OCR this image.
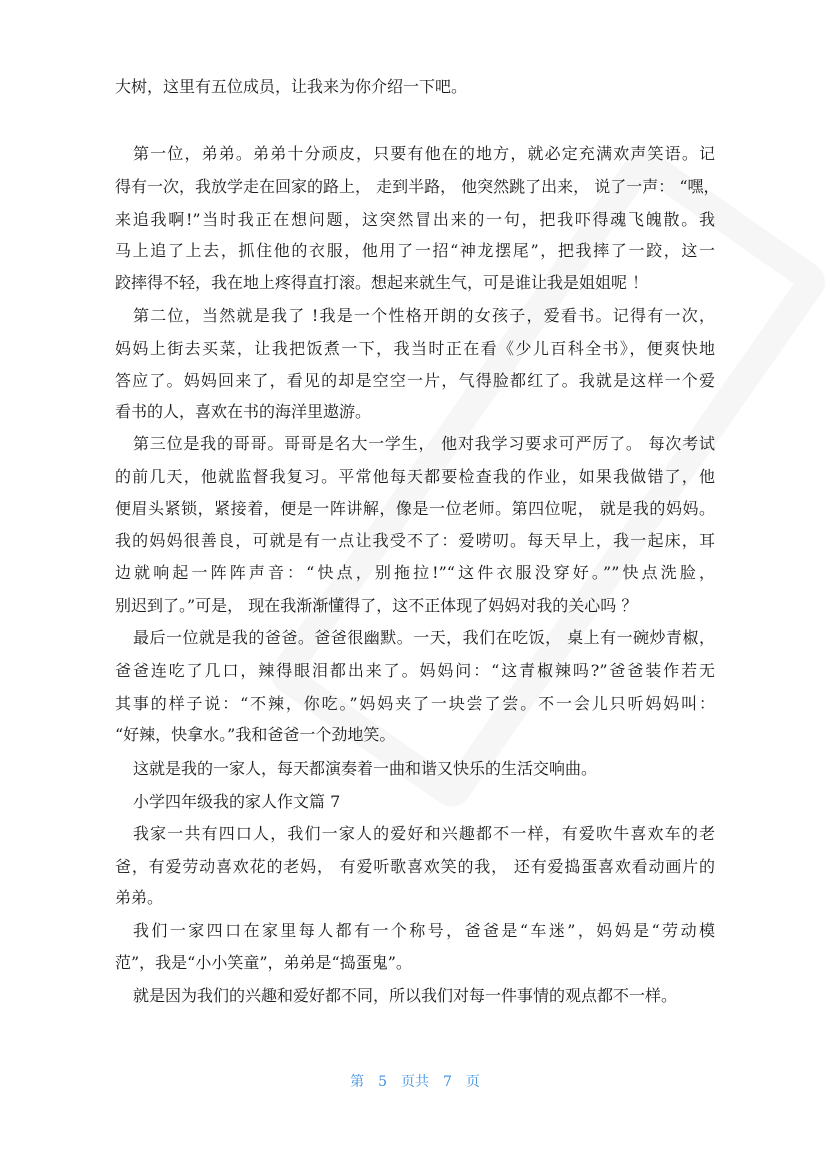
大树，这里有五位成员，让我来为你介绍一下吧。
第一位，弟弟。弟弟十分顽皮，只要有他在的地方，就必定充满欢声笑语。记
得有一次，我放学走在回家的路上， 走到半路， 他突然跳了出来， 说了一声： “嘿，
来追我啊!”当时我正在想问题，这突然冒出来的一句，把我吓得魂飞魄散。我
马上追了上去，抓住他的衣服，他用了一招“神龙摆尾”，把我摔了一跤，这一
跤摔得不轻，我在地上疼得直打滚。想起来就生气，可是谁让我是姐姐呢 ！
第二位，当然就是我了 !我是一个性格开朗的女孩子，爱看书。记得有一次，
妈妈上街去买菜，让我把饭煮一下，我当时正在看《少儿百科全书》，便爽快地
答应了。妈妈回来了，看见的却是空空一片，气得脸都红了。我就是这样一个爱
看书的人，喜欢在书的海洋里遨游。
第三位是我的哥哥。哥哥是名大一学生， 他对我学习要求可严厉了。 每次考试
的前几天，他就监督我复习。平常他每天都要检查我的作业，如果我做错了，他
便眉头紧锁，紧接着，便是一阵讲解，像是一位老师。第四位呢， 就是我的妈妈。
我的妈妈很善良，可就是有一点让我受不了：爱唠叨。每天早上，我一起床，耳
边就响起一阵阵声音：“快点，别拖拉!”“这件衣服没穿好。””快点洗脸，
别迟到了。”可是， 现在我渐渐懂得了，这不正体现了妈妈对我的关心吗 ？
最后一位就是我的爸爸。爸爸很幽默。一天，我们在吃饭， 桌上有一碗炒青椒，
爸爸连吃了几口，辣得眼泪都出来了。妈妈问：“这青椒辣吗?”爸爸装作若无
其事的样子说：“不辣，你吃。”妈妈夹了一块尝了尝。不一会儿只听妈妈叫：
“好辣，快拿水。”我和爸爸一个劲地笑。
这就是我的一家人，每天都演奏着一曲和谐又快乐的生活交响曲。
小学四年级我的家人作文篇 7
我家一共有四口人，我们一家人的爱好和兴趣都不一样，有爱吹牛喜欢车的老
爸，有爱劳动喜欢花的老妈， 有爱听歌喜欢笑的我， 还有爱捣蛋喜欢看动画片的
弟弟。
我们一家四口在家里每人都有一个称号，爸爸是“车迷”，妈妈是“劳动模
范”，我是“小小笑童”，弟弟是“捣蛋鬼”。
就是因为我们的兴趣和爱好都不同，所以我们对每一件事情的观点都不一样。
第 5 页共 7 页
